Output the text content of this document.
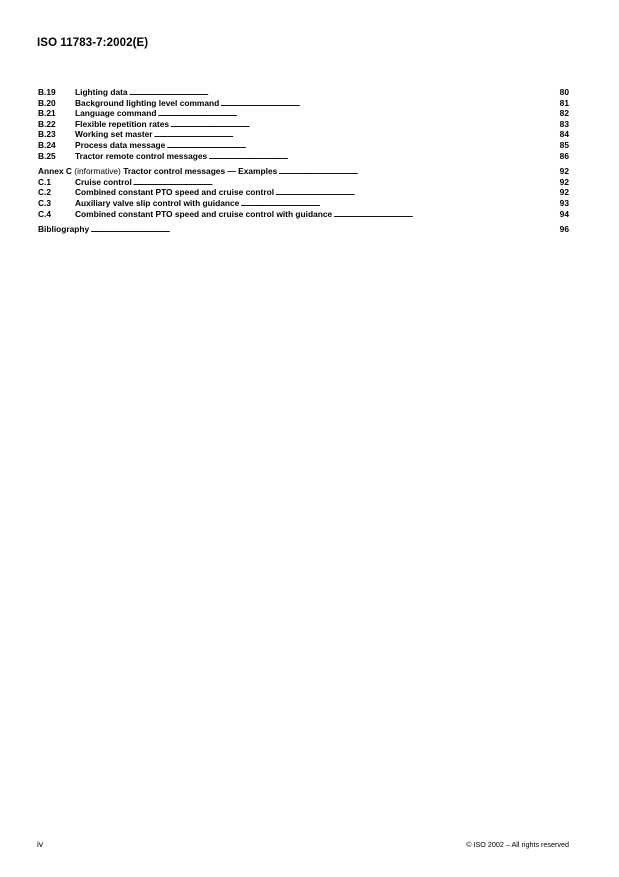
ISO 11783-7:2002(E)
B.19	Lighting data . . .	80
B.20	Background lighting level command . . .	81
B.21	Language command . . .	82
B.22	Flexible repetition rates . . .	83
B.23	Working set master . . .	84
B.24	Process data message . . .	85
B.25	Tractor remote control messages . . .	86
Annex C (informative) Tractor control messages — Examples . . .	92
C.1	Cruise control . . .	92
C.2	Combined constant PTO speed and cruise control . . .	92
C.3	Auxiliary valve slip control with guidance . . .	93
C.4	Combined constant PTO speed and cruise control with guidance . . .	94
Bibliography . . .	96
iv	© ISO 2002 – All rights reserved
